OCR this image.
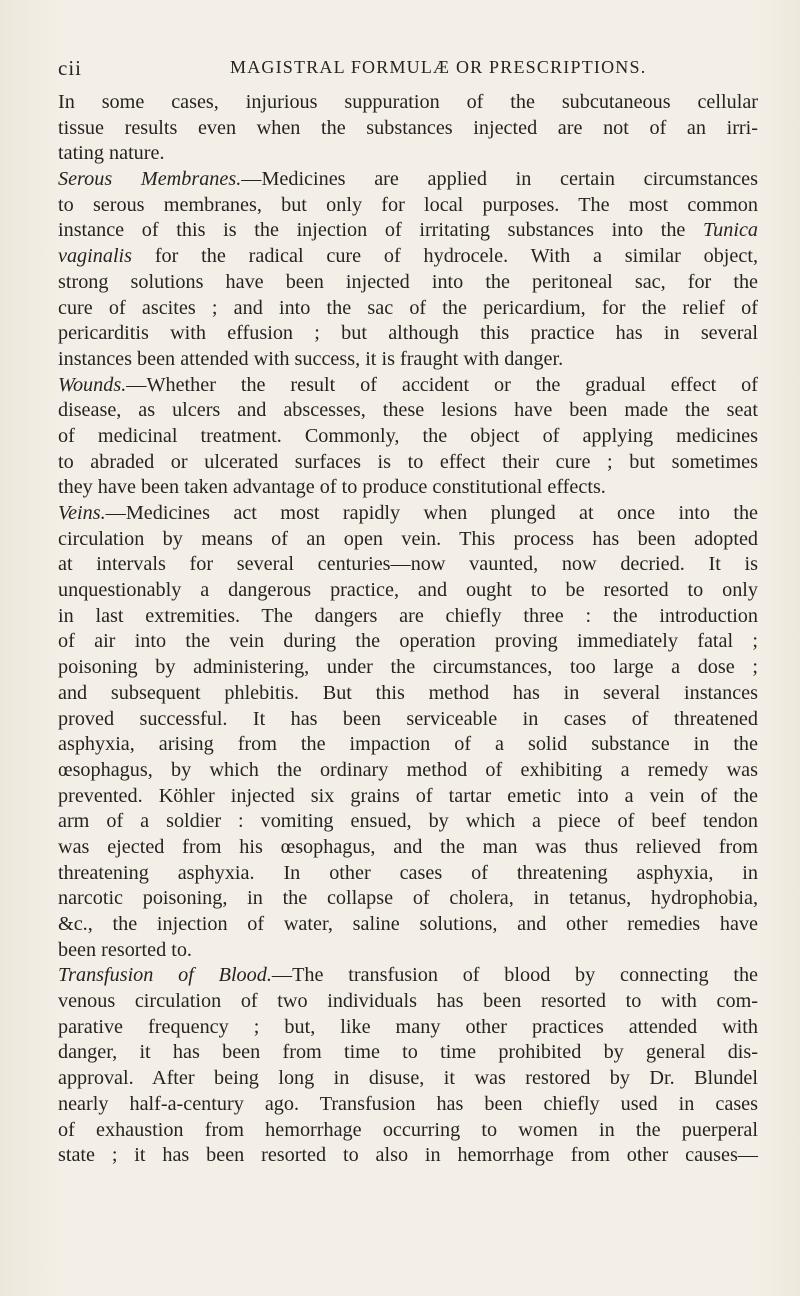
cii	MAGISTRAL FORMULÆ OR PRESCRIPTIONS.
In some cases, injurious suppuration of the subcutaneous cellular
tissue results even when the substances injected are not of an irri-
tating nature.
Serous Membranes.—Medicines are applied in certain circumstances
to serous membranes, but only for local purposes. The most common
instance of this is the injection of irritating substances into the Tunica
vaginalis for the radical cure of hydrocele. With a similar object,
strong solutions have been injected into the peritoneal sac, for the
cure of ascites ; and into the sac of the pericardium, for the relief of
pericarditis with effusion ; but although this practice has in several
instances been attended with success, it is fraught with danger.
Wounds.—Whether the result of accident or the gradual effect of
disease, as ulcers and abscesses, these lesions have been made the seat
of medicinal treatment. Commonly, the object of applying medicines
to abraded or ulcerated surfaces is to effect their cure ; but sometimes
they have been taken advantage of to produce constitutional effects.
Veins.—Medicines act most rapidly when plunged at once into the
circulation by means of an open vein. This process has been adopted
at intervals for several centuries—now vaunted, now decried. It is
unquestionably a dangerous practice, and ought to be resorted to only
in last extremities. The dangers are chiefly three : the introduction
of air into the vein during the operation proving immediately fatal ;
poisoning by administering, under the circumstances, too large a dose ;
and subsequent phlebitis. But this method has in several instances
proved successful. It has been serviceable in cases of threatened
asphyxia, arising from the impaction of a solid substance in the
œsophagus, by which the ordinary method of exhibiting a remedy was
prevented. Köhler injected six grains of tartar emetic into a vein of the
arm of a soldier : vomiting ensued, by which a piece of beef tendon
was ejected from his œsophagus, and the man was thus relieved from
threatening asphyxia. In other cases of threatening asphyxia, in
narcotic poisoning, in the collapse of cholera, in tetanus, hydrophobia,
&c., the injection of water, saline solutions, and other remedies have
been resorted to.
Transfusion of Blood.—The transfusion of blood by connecting the
venous circulation of two individuals has been resorted to with com-
parative frequency ; but, like many other practices attended with
danger, it has been from time to time prohibited by general dis-
approval. After being long in disuse, it was restored by Dr. Blundel
nearly half-a-century ago. Transfusion has been chiefly used in cases
of exhaustion from hemorrhage occurring to women in the puerperal
state ; it has been resorted to also in hemorrhage from other causes—
